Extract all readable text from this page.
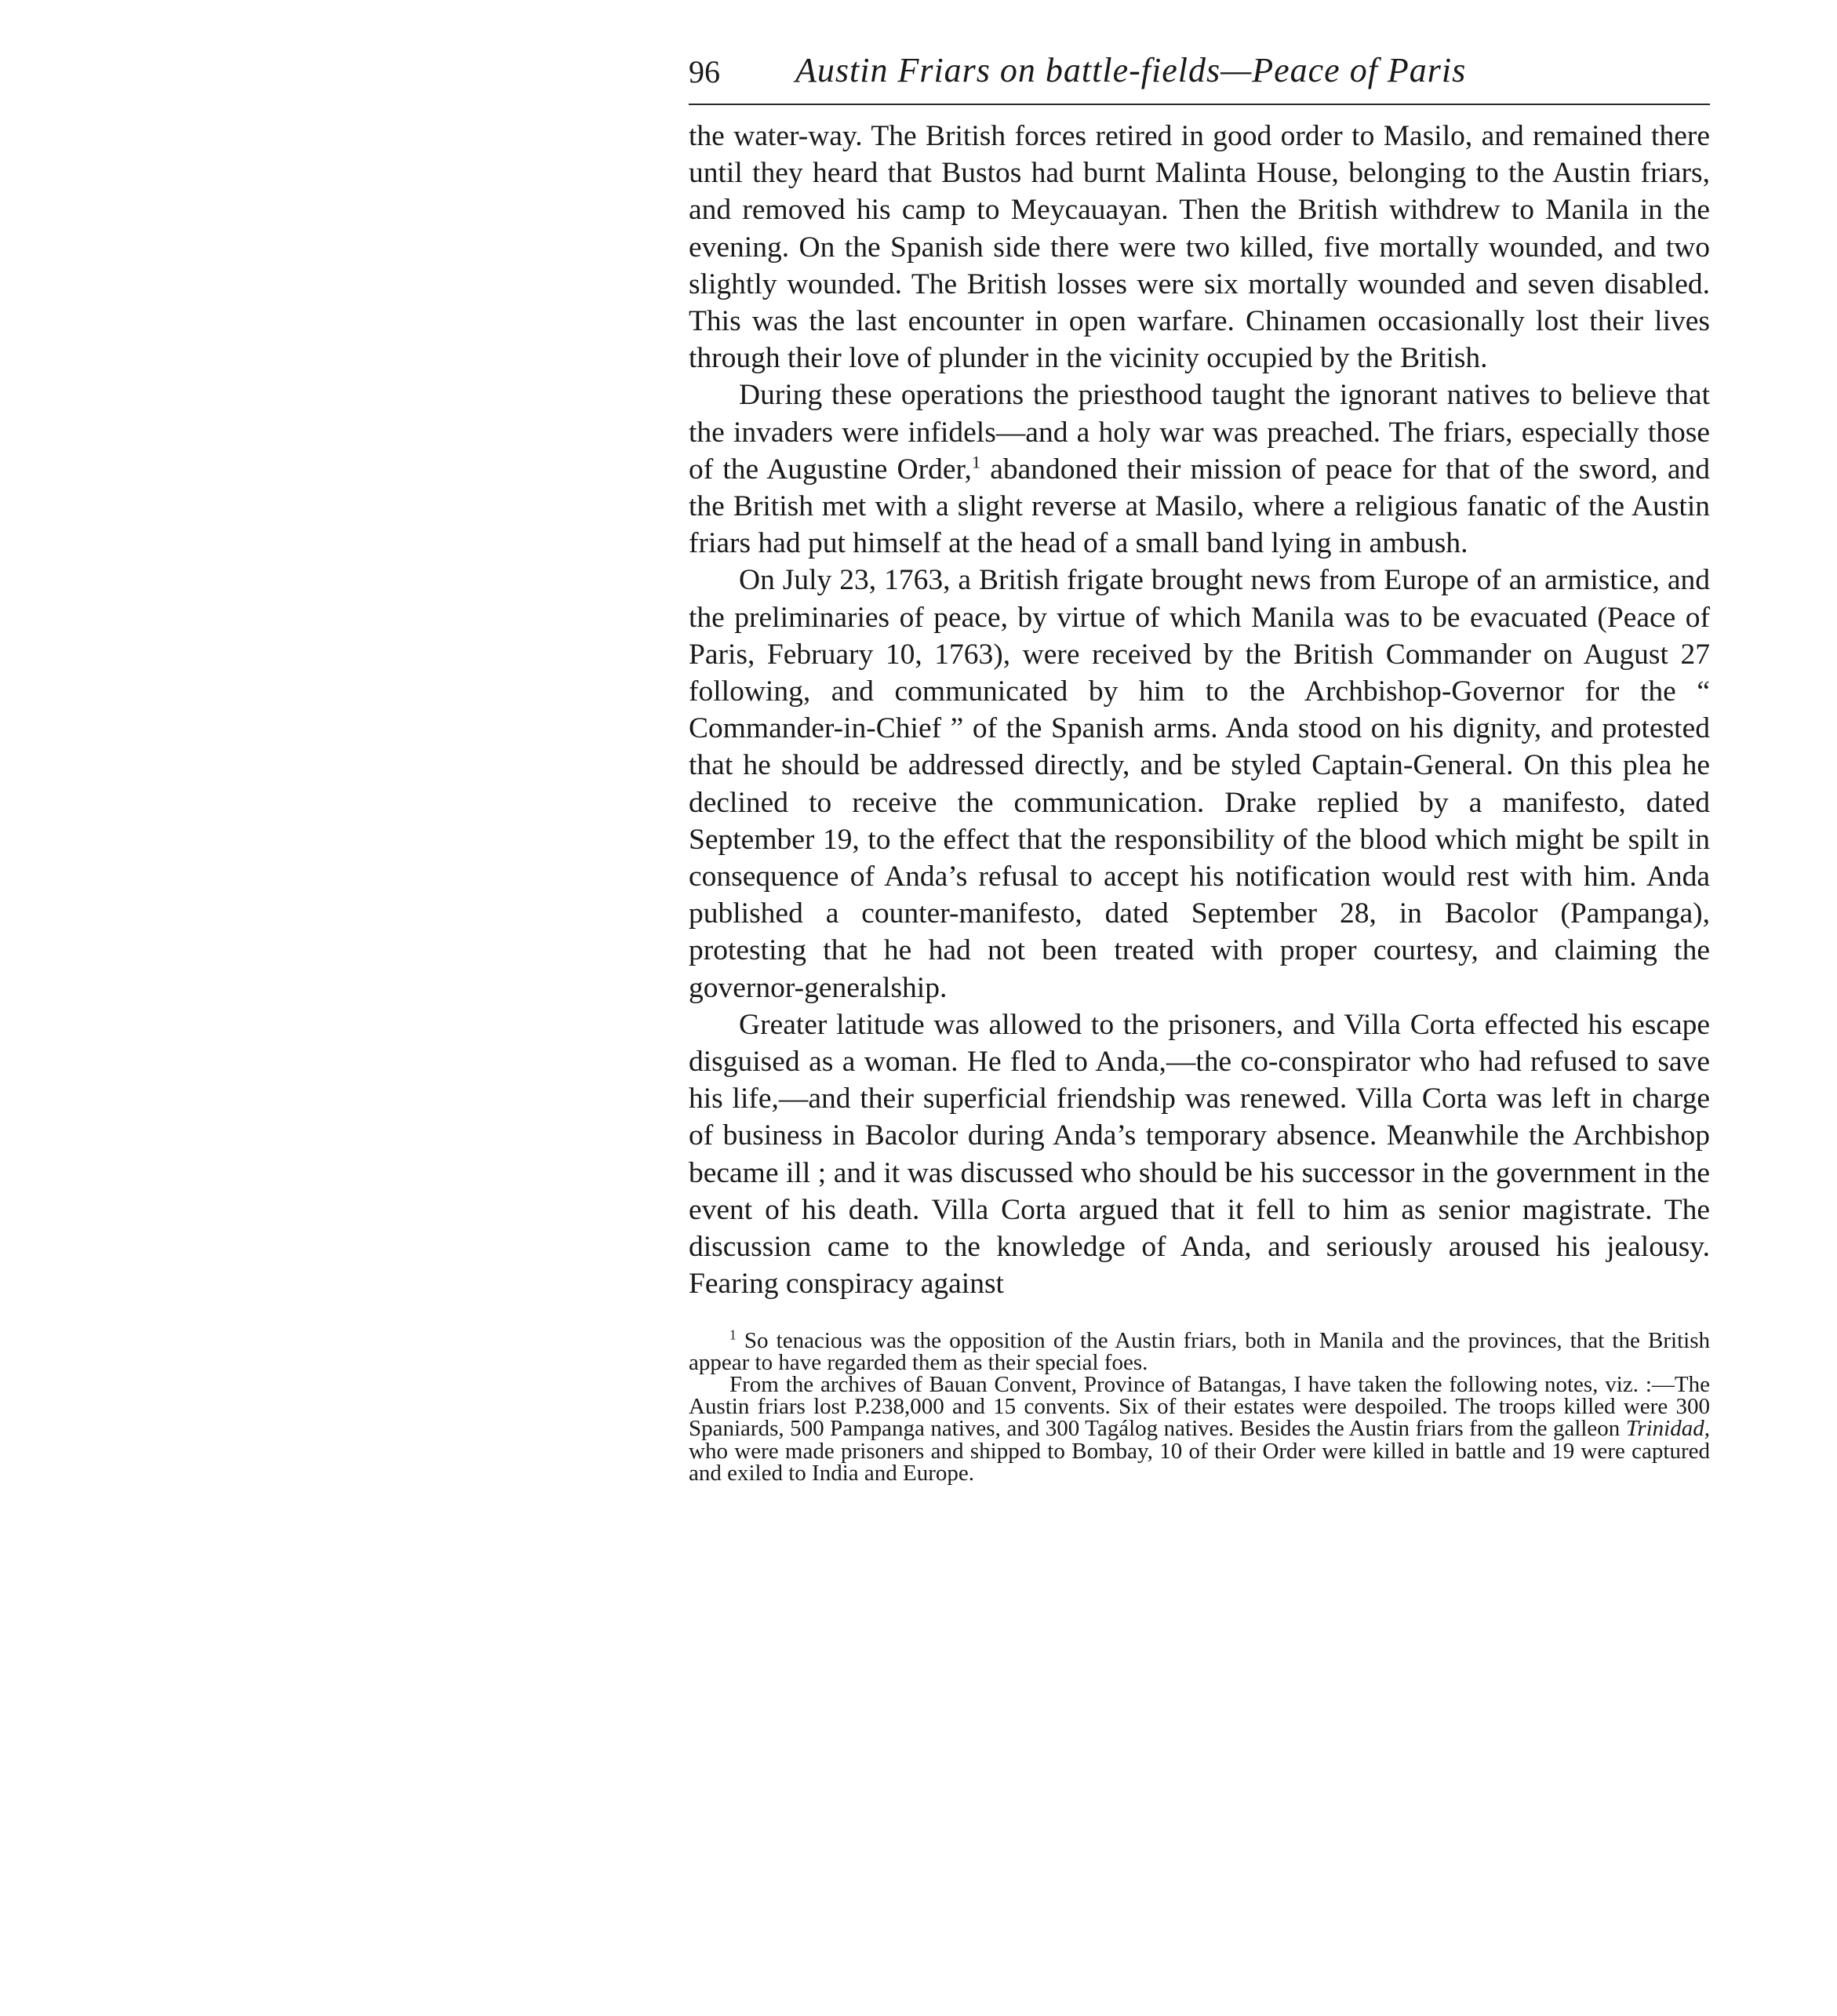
96 Austin Friars on battle-fields—Peace of Paris

the water-way. The British forces retired in good order to Masilo, and remained there until they heard that Bustos had burnt Malinta House, belonging to the Austin friars, and removed his camp to Meycauayan. Then the British withdrew to Manila in the evening. On the Spanish side there were two killed, five mortally wounded, and two slightly wounded. The British losses were six mortally wounded and seven disabled. This was the last encounter in open warfare. Chinamen occasionally lost their lives through their love of plunder in the vicinity occupied by the British.

During these operations the priesthood taught the ignorant natives to believe that the invaders were infidels—and a holy war was preached. The friars, especially those of the Augustine Order,$^1$ abandoned their mission of peace for that of the sword, and the British met with a slight reverse at Masilo, where a religious fanatic of the Austin friars had put himself at the head of a small band lying in ambush.

On July 23, 1763, a British frigate brought news from Europe of an armistice, and the preliminaries of peace, by virtue of which Manila was to be evacuated (Peace of Paris, February 10, 1763), were received by the British Commander on August 27 following, and communicated by him to the Archbishop-Governor for the “ Commander-in-Chief ” of the Spanish arms. Anda stood on his dignity, and protested that he should be addressed directly, and be styled Captain-General. On this plea he declined to receive the communication. Drake replied by a manifesto, dated September 19, to the effect that the responsibility of the blood which might be spilt in consequence of Anda’s refusal to accept his notification would rest with him. Anda published a counter-manifesto, dated September 28, in Bacolor (Pampanga), protesting that he had not been treated with proper courtesy, and claiming the governor-generalship.

Greater latitude was allowed to the prisoners, and Villa Corta effected his escape disguised as a woman. He fled to Anda,—the co-conspirator who had refused to save his life,—and their superficial friendship was renewed. Villa Corta was left in charge of business in Bacolor during Anda’s temporary absence. Meanwhile the Archbishop became ill ; and it was discussed who should be his successor in the government in the event of his death. Villa Corta argued that it fell to him as senior magistrate. The discussion came to the knowledge of Anda, and seriously aroused his jealousy. Fearing conspiracy against

$^1$ So tenacious was the opposition of the Austin friars, both in Manila and the provinces, that the British appear to have regarded them as their special foes.

From the archives of Bauan Convent, Province of Batangas, I have taken the following notes, viz. :—The Austin friars lost P.238,000 and 15 convents. Six of their estates were despoiled. The troops killed were 300 Spaniards, 500 Pampanga natives, and 300 Tagálog natives. Besides the Austin friars from the galleon Trinidad, who were made prisoners and shipped to Bombay, 10 of their Order were killed in battle and 19 were captured and exiled to India and Europe.
